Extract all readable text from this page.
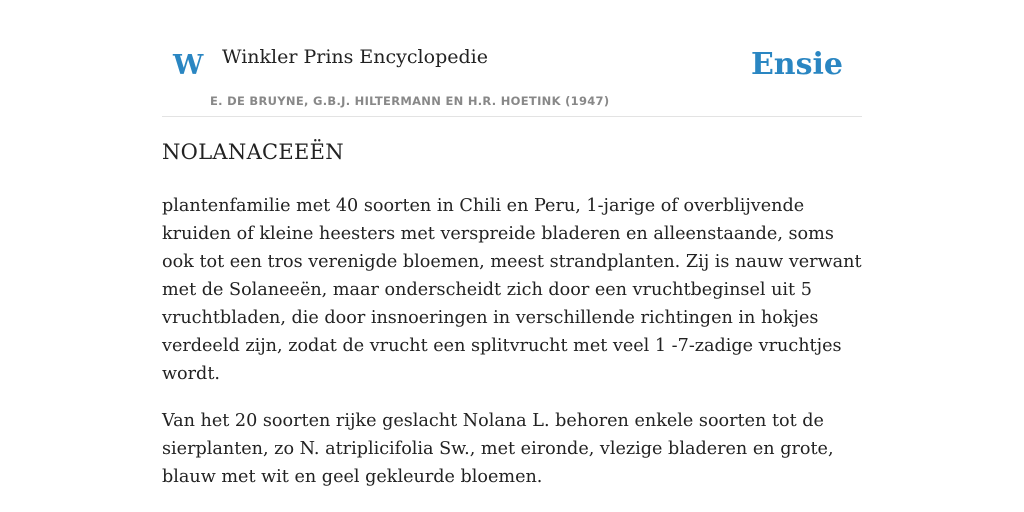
W Winkler Prins Encyclopedie
E. DE BRUYNE, G.B.J. HILTERMANN EN H.R. HOETINK (1947)
Ensie
NOLANACEEËN

plantenfamilie met 40 soorten in Chili en Peru, 1-jarige of overblijvende kruiden of kleine heesters met verspreide bladeren en alleenstaande, soms ook tot een tros verenigde bloemen, meest strandplanten. Zij is nauw verwant met de Solaneeën, maar onderscheidt zich door een vruchtbeginsel uit 5 vruchtbladen, die door insnoeringen in verschillende richtingen in hokjes verdeeld zijn, zodat de vrucht een splitvrucht met veel 1 -7-zadige vruchtjes wordt.

Van het 20 soorten rijke geslacht Nolana L. behoren enkele soorten tot de sierplanten, zo N. atriplicifolia Sw., met eironde, vlezige bladeren en grote, blauw met wit en geel gekleurde bloemen.
